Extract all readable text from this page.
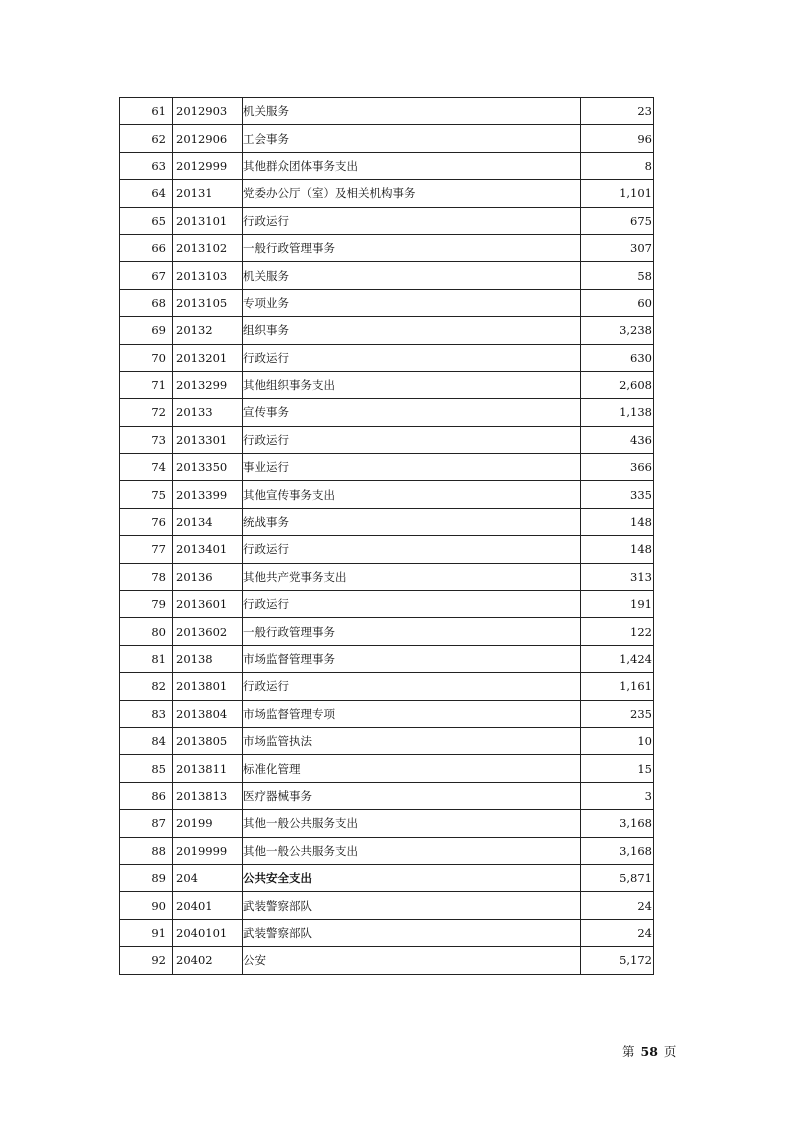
61	2012903	机关服务	23
62	2012906	工会事务	96
63	2012999	其他群众团体事务支出	8
64	20131	党委办公厅（室）及相关机构事务	1,101
65	2013101	行政运行	675
66	2013102	一般行政管理事务	307
67	2013103	机关服务	58
68	2013105	专项业务	60
69	20132	组织事务	3,238
70	2013201	行政运行	630
71	2013299	其他组织事务支出	2,608
72	20133	宣传事务	1,138
73	2013301	行政运行	436
74	2013350	事业运行	366
75	2013399	其他宣传事务支出	335
76	20134	统战事务	148
77	2013401	行政运行	148
78	20136	其他共产党事务支出	313
79	2013601	行政运行	191
80	2013602	一般行政管理事务	122
81	20138	市场监督管理事务	1,424
82	2013801	行政运行	1,161
83	2013804	市场监督管理专项	235
84	2013805	市场监管执法	10
85	2013811	标准化管理	15
86	2013813	医疗器械事务	3
87	20199	其他一般公共服务支出	3,168
88	2019999	其他一般公共服务支出	3,168
89	204	公共安全支出	5,871
90	20401	武装警察部队	24
91	2040101	武装警察部队	24
92	20402	公安	5,172
第 58 页
